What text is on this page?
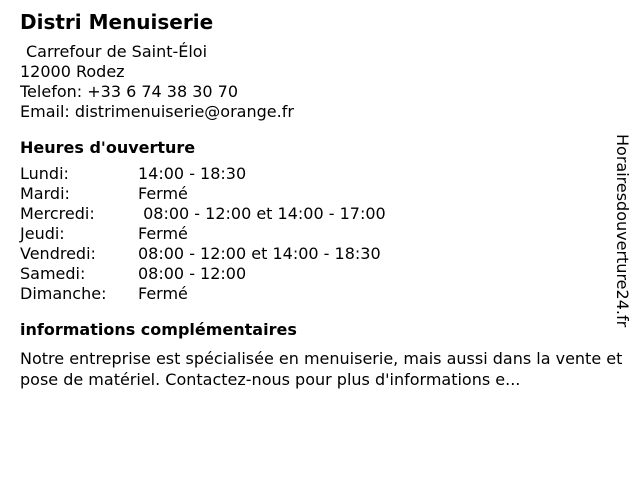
Distri Menuiserie
Carrefour de Saint-Éloi
12000 Rodez
Telefon: +33 6 74 38 30 70
Email: distrimenuiserie@orange.fr
Heures d'ouverture
Lundi:	14:00 - 18:30
Mardi:	Fermé
Mercredi:	08:00 - 12:00 et 14:00 - 17:00
Jeudi:	Fermé
Vendredi:	08:00 - 12:00 et 14:00 - 18:30
Samedi:	08:00 - 12:00
Dimanche:	Fermé
informations complémentaires
Notre entreprise est spécialisée en menuiserie, mais aussi dans la vente et pose de matériel. Contactez-nous pour plus d'informations e...
Horairesdouverture24.fr
